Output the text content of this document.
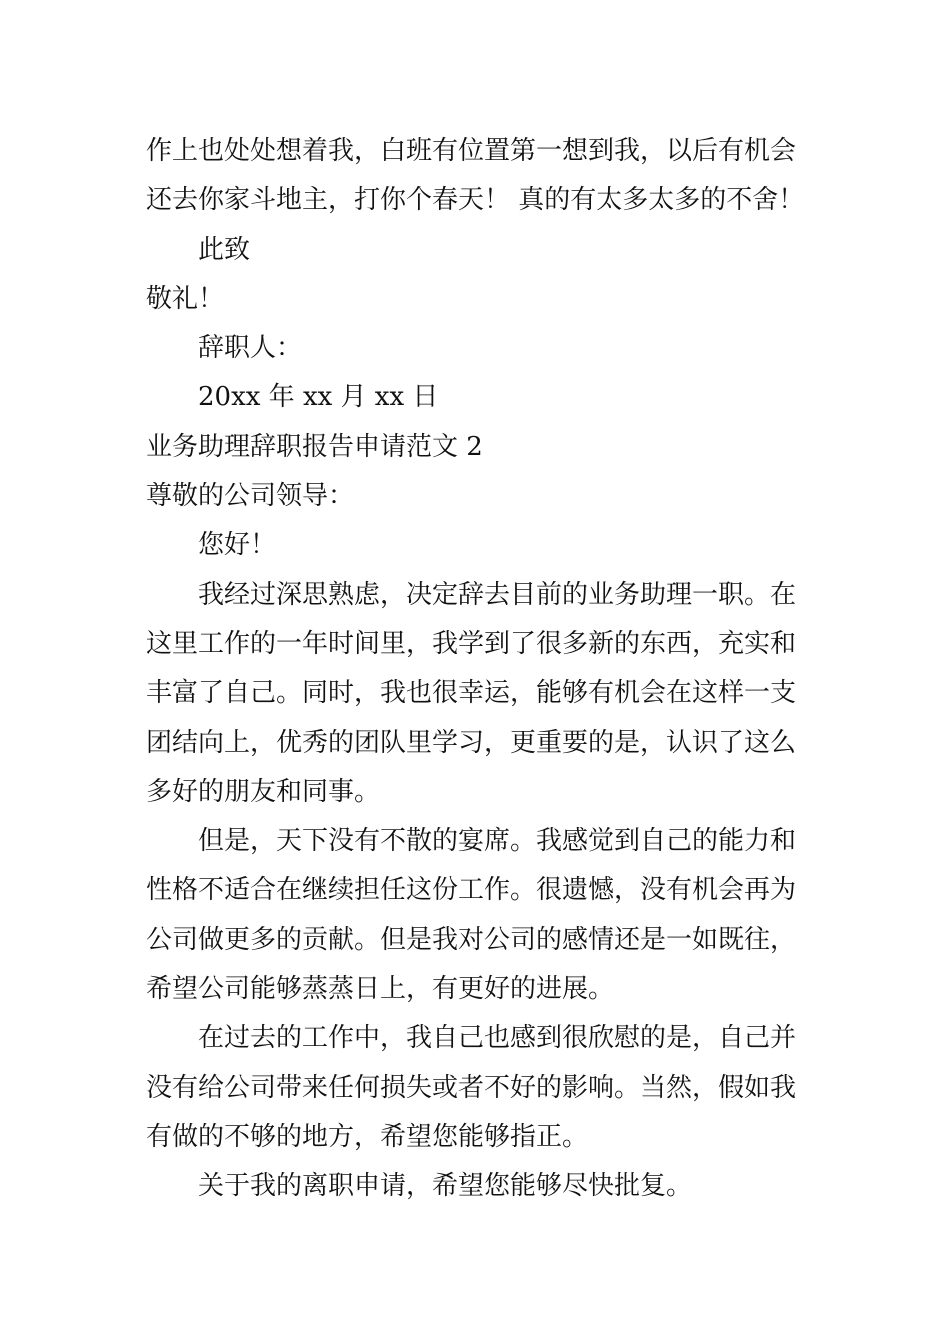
作上也处处想着我，白班有位置第一想到我，以后有机会
还去你家斗地主，打你个春天！ 真的有太多太多的不舍！
此致
敬礼！
辞职人：
20xx 年 xx 月 xx 日
业务助理辞职报告申请范文 2
尊敬的公司领导：
您好！
我经过深思熟虑，决定辞去目前的业务助理一职。在
这里工作的一年时间里，我学到了很多新的东西，充实和
丰富了自己。同时，我也很幸运，能够有机会在这样一支
团结向上，优秀的团队里学习，更重要的是，认识了这么
多好的朋友和同事。
但是，天下没有不散的宴席。我感觉到自己的能力和
性格不适合在继续担任这份工作。很遗憾，没有机会再为
公司做更多的贡献。但是我对公司的感情还是一如既往，
希望公司能够蒸蒸日上，有更好的进展。
在过去的工作中，我自己也感到很欣慰的是，自己并
没有给公司带来任何损失或者不好的影响。当然，假如我
有做的不够的地方，希望您能够指正。
关于我的离职申请，希望您能够尽快批复。
